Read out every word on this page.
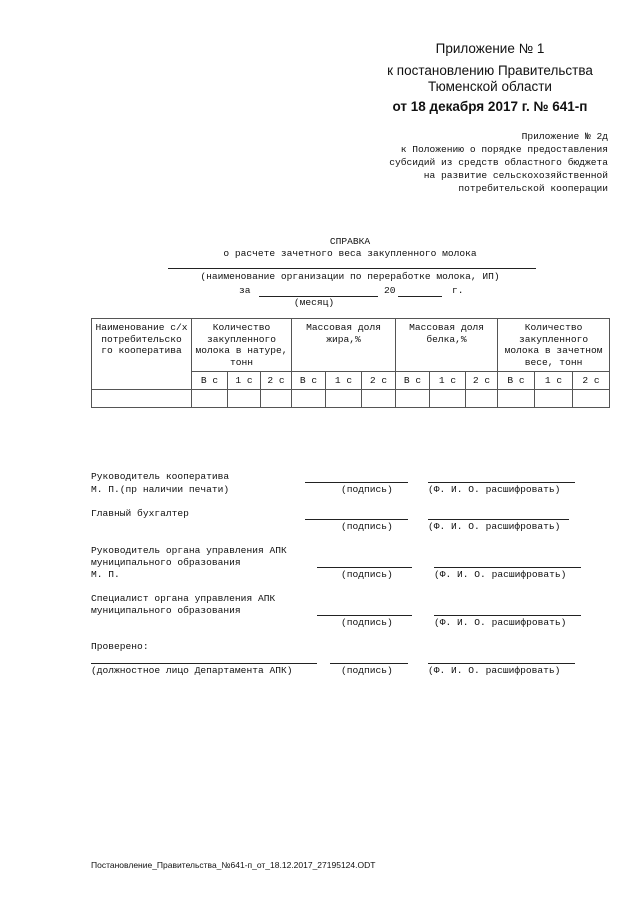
Приложение № 1
к постановлению Правительства
Тюменской области
от 18 декабря 2017 г. № 641-п
Приложение № 2д
к Положению о порядке предоставления
субсидий из средств областного бюджета
на развитие сельскохозяйственной
потребительской кооперации
СПРАВКА
о расчете зачетного веса закупленного молока
(наименование организации по переработке молока, ИП)
за	20	г.
(месяц)
Наименование с/х потребительско го кооператива	Количество закупленного молока в натуре, тонн			Массовая доля жира,%			Массовая доля белка,%			Количество закупленного молока в зачетном весе, тонн		
	В с	1 с	2 с	В с	1 с	2 с	В с	1 с	2 с	В с	1 с	2 с

Руководитель кооператива
М. П.(пр наличии печати)	(подпись)	(Ф. И. О. расшифровать)
Главный бухгалтер
(подпись)	(Ф. И. О. расшифровать)
Руководитель органа управления АПК
муниципального образования
М. П.	(подпись)	(Ф. И. О. расшифровать)
Специалист органа управления АПК
муниципального образования
(подпись)	(Ф. И. О. расшифровать)
Проверено:
(должностное лицо Департамента АПК)	(подпись)	(Ф. И. О. расшифровать)
Постановление_Правительства_№641-п_от_18.12.2017_27195124.ODT
